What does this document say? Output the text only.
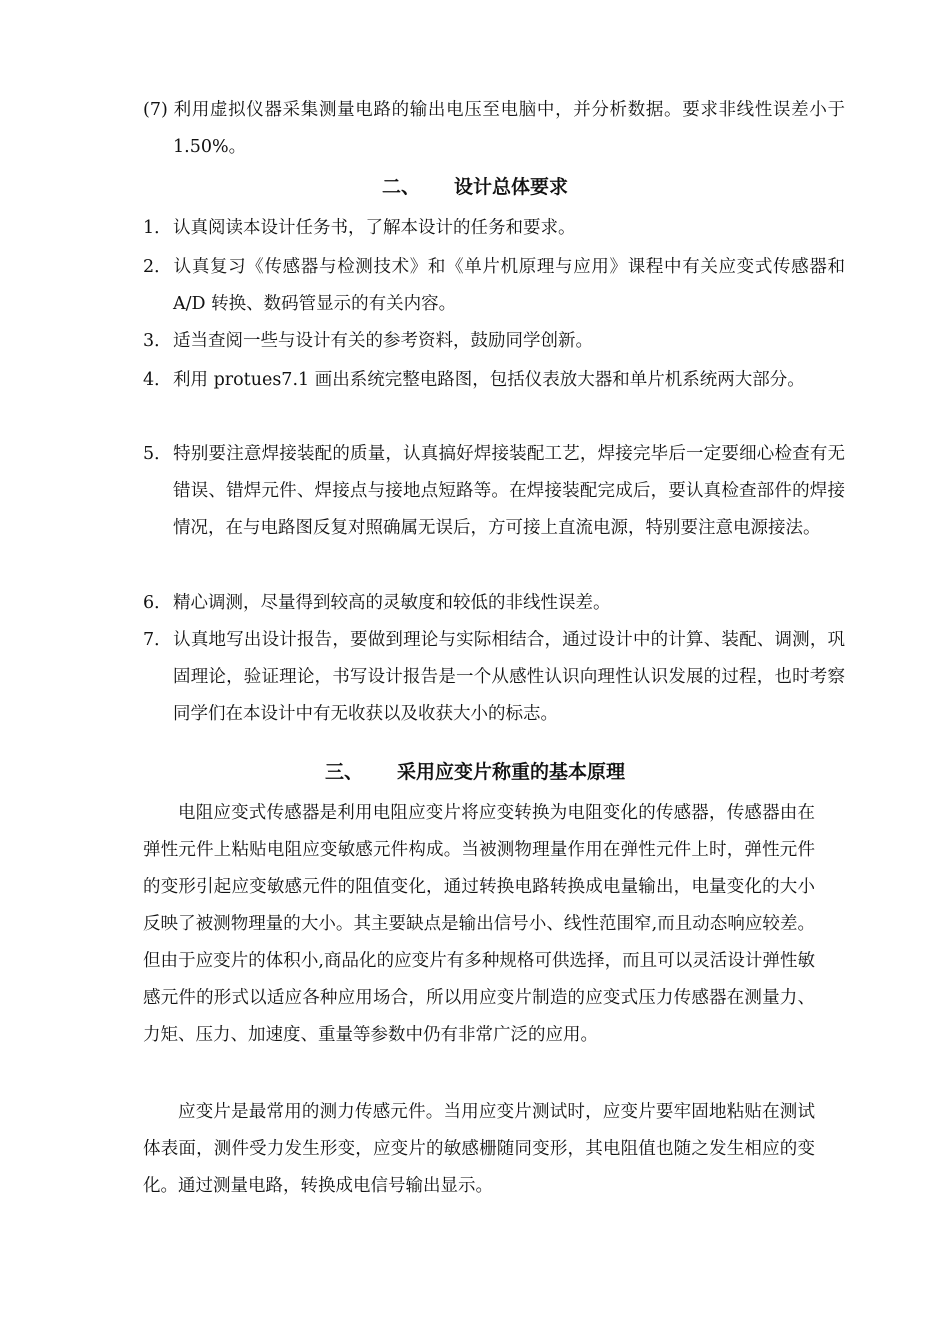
(7) 利用虚拟仪器采集测量电路的输出电压至电脑中，并分析数据。要求非线性误差小于 1.50%。

二、 设计总体要求

1．认真阅读本设计任务书，了解本设计的任务和要求。

2．认真复习《传感器与检测技术》和《单片机原理与应用》课程中有关应变式传感器和 A/D 转换、数码管显示的有关内容。

3．适当查阅一些与设计有关的参考资料，鼓励同学创新。

4．利用 protues7.1 画出系统完整电路图，包括仪表放大器和单片机系统两大部分。

5．特别要注意焊接装配的质量，认真搞好焊接装配工艺，焊接完毕后一定要细心检查有无错误、错焊元件、焊接点与接地点短路等。在焊接装配完成后，要认真检查部件的焊接情况，在与电路图反复对照确属无误后，方可接上直流电源，特别要注意电源接法。

6．精心调测，尽量得到较高的灵敏度和较低的非线性误差。

7．认真地写出设计报告，要做到理论与实际相结合，通过设计中的计算、装配、调测，巩固理论，验证理论，书写设计报告是一个从感性认识向理性认识发展的过程，也时考察同学们在本设计中有无收获以及收获大小的标志。

三、 采用应变片称重的基本原理

电阻应变式传感器是利用电阻应变片将应变转换为电阻变化的传感器，传感器由在弹性元件上粘贴电阻应变敏感元件构成。当被测物理量作用在弹性元件上时，弹性元件的变形引起应变敏感元件的阻值变化，通过转换电路转换成电量输出，电量变化的大小反映了被测物理量的大小。其主要缺点是输出信号小、线性范围窄,而且动态响应较差。但由于应变片的体积小,商品化的应变片有多种规格可供选择，而且可以灵活设计弹性敏感元件的形式以适应各种应用场合，所以用应变片制造的应变式压力传感器在测量力、力矩、压力、加速度、重量等参数中仍有非常广泛的应用。

应变片是最常用的测力传感元件。当用应变片测试时，应变片要牢固地粘贴在测试体表面，测件受力发生形变，应变片的敏感栅随同变形，其电阻值也随之发生相应的变化。通过测量电路，转换成电信号输出显示。
